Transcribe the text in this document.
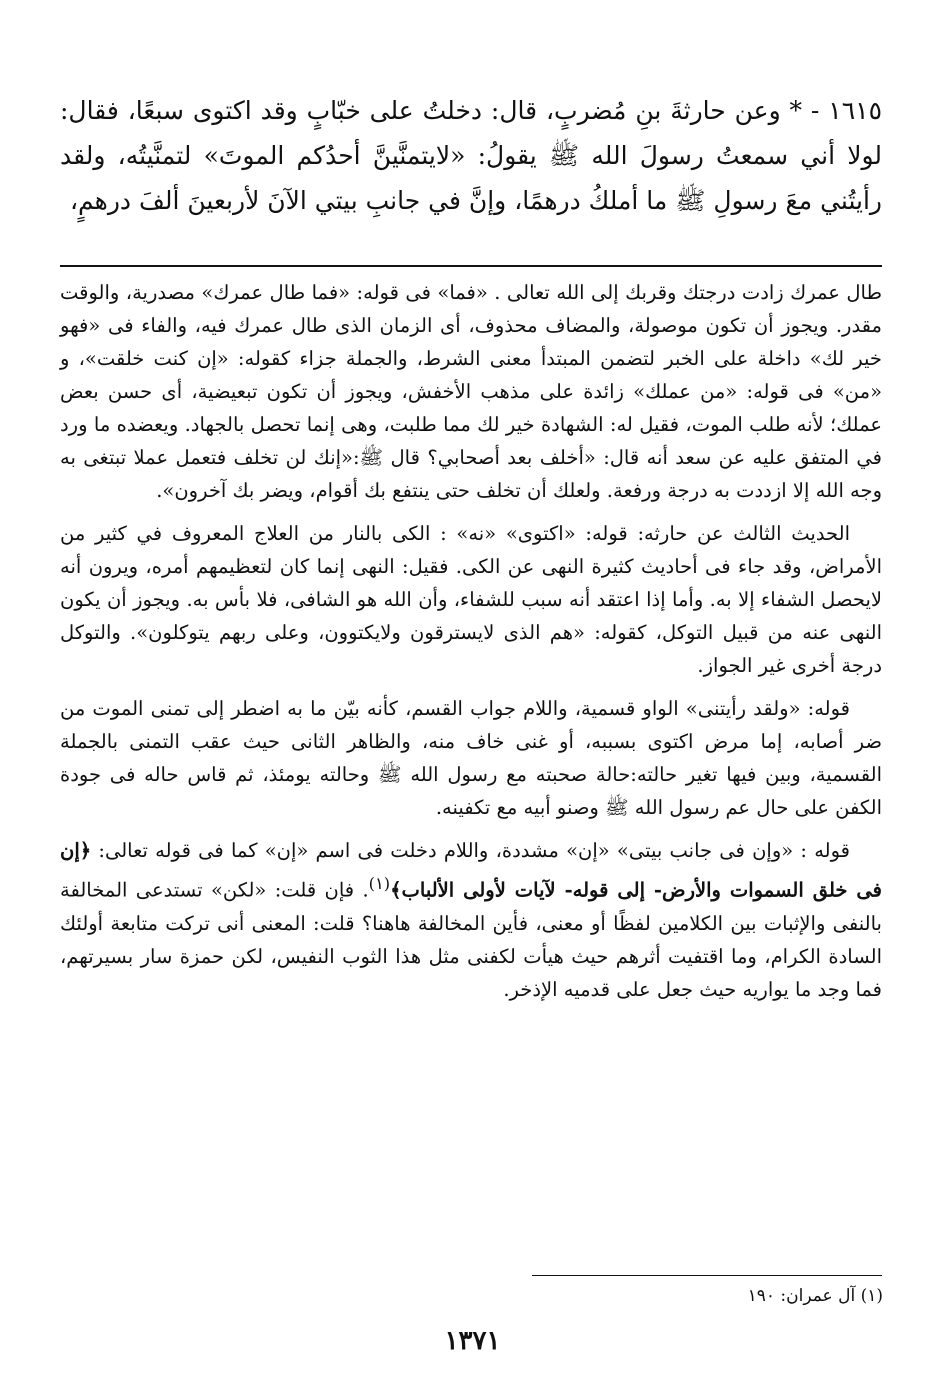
١٦١٥ - * وعن حارثةَ بنِ مُضربٍ، قال: دخلتُ على خبّابٍ وقد اكتوى سبعًا، فقال: لولا أني سمعتُ رسولَ الله ﷺ يقولُ: «لايتمنَّينَّ أحدُكم الموتَ» لتمنَّيتُه، ولقد رأيتُني معَ رسولِ ﷺ ما أملكُ درهمًا، وإنَّ في جانبِ بيتي الآنَ لأربعينَ ألفَ درهمٍ،

طال عمرك زادت درجتك وقربك إلى الله تعالى . «فما» فى قوله: «فما طال عمرك» مصدرية، والوقت مقدر. ويجوز أن تكون موصولة، والمضاف محذوف، أى الزمان الذى طال عمرك فيه، والفاء فى «فهو خير لك» داخلة على الخبر لتضمن المبتدأ معنى الشرط، والجملة جزاء كقوله: «إن كنت خلقت»، و «من» فى قوله: «من عملك» زائدة على مذهب الأخفش، ويجوز أن تكون تبعيضية، أى حسن بعض عملك؛ لأنه طلب الموت، فقيل له: الشهادة خير لك مما طلبت، وهى إنما تحصل بالجهاد. ويعضده ما ورد في المتفق عليه عن سعد أنه قال: «أخلف بعد أصحابي؟ قال ﷺ:«إنك لن تخلف فتعمل عملا تبتغى به وجه الله إلا ازددت به درجة ورفعة. ولعلك أن تخلف حتى ينتفع بك أقوام، ويضر بك آخرون».

الحديث الثالث عن حارثه: قوله: «اكتوى» «نه» : الكى بالنار من العلاج المعروف في كثير من الأمراض، وقد جاء فى أحاديث كثيرة النهى عن الكى. فقيل: النهى إنما كان لتعظيمهم أمره، ويرون أنه لايحصل الشفاء إلا به. وأما إذا اعتقد أنه سبب للشفاء، وأن الله هو الشافى، فلا بأس به. ويجوز أن يكون النهى عنه من قبيل التوكل، كقوله: «هم الذى لايسترقون ولايكتوون، وعلى ربهم يتوكلون». والتوكل درجة أخرى غير الجواز.

قوله: «ولقد رأيتنى» الواو قسمية، واللام جواب القسم، كأنه بيّن ما به اضطر إلى تمنى الموت من ضر أصابه، إما مرض اكتوى بسببه، أو غنى خاف منه، والظاهر الثانى حيث عقب التمنى بالجملة القسمية، وبين فيها تغير حالته:حالة صحبته مع رسول الله ﷺ وحالته يومئذ، ثم قاس حاله فى جودة الكفن على حال عم رسول الله ﷺ وصنو أبيه مع تكفينه.

قوله : «وإن فى جانب بيتى» «إن» مشددة، واللام دخلت فى اسم «إن» كما فى قوله تعالى: ﴿إن فى خلق السموات والأرض- إلى قوله- لآيات لأولى الألباب﴾$^{(١)}$. فإن قلت: «لكن» تستدعى المخالفة بالنفى والإثبات بين الكلامين لفظًا أو معنى، فأين المخالفة هاهنا؟ قلت: المعنى أنى تركت متابعة أولئك السادة الكرام، وما اقتفيت أثرهم حيث هيأت لكفنى مثل هذا الثوب النفيس، لكن حمزة سار بسيرتهم، فما وجد ما يواريه حيث جعل على قدميه الإذخر.

(١) آل عمران: ١٩٠
١٣٧١
